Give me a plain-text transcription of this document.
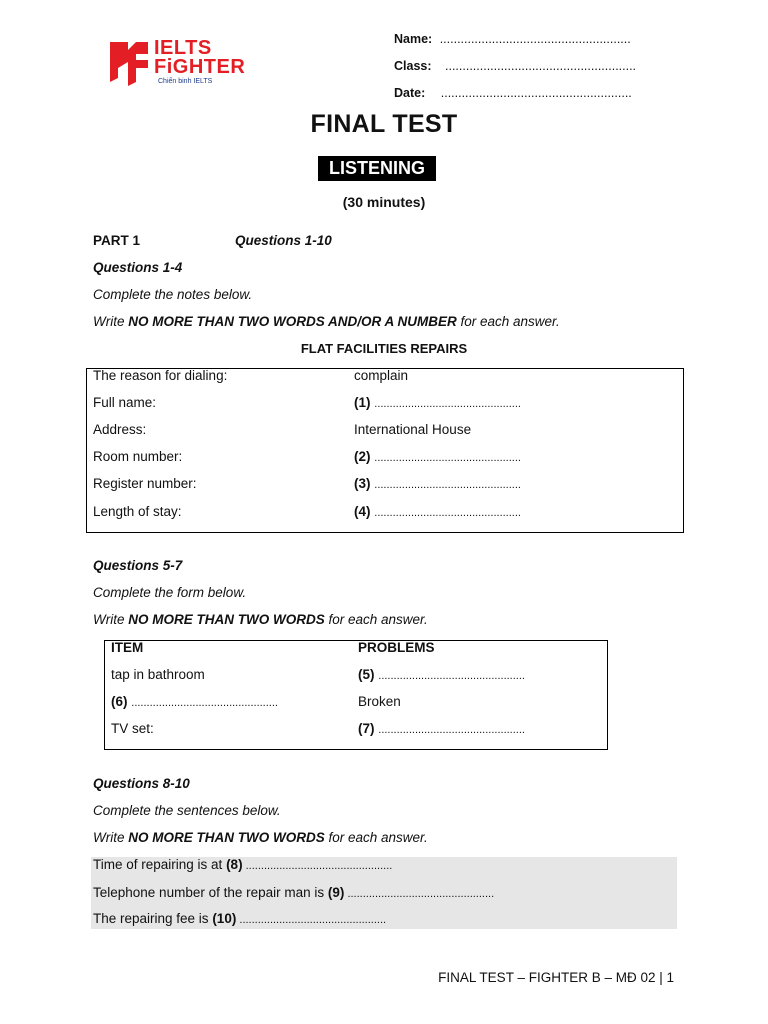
IELTS
FiGHTER
Chiến binh IELTS
Name: .......................................................
Class: .......................................................
Date: .......................................................
FINAL TEST
LISTENING
(30 minutes)
PART 1	Questions 1-10
Questions 1-4
Complete the notes below.
Write NO MORE THAN TWO WORDS AND/OR A NUMBER for each answer.
FLAT FACILITIES REPAIRS
The reason for dialing:	complain
Full name:	(1) ................................................
Address:	International House
Room number:	(2) ................................................
Register number:	(3) ................................................
Length of stay:	(4) ................................................
Questions 5-7
Complete the form below.
Write NO MORE THAN TWO WORDS for each answer.
ITEM	PROBLEMS
tap in bathroom	(5) ................................................
(6) ................................................	Broken
TV set:	(7) ................................................
Questions 8-10
Complete the sentences below.
Write NO MORE THAN TWO WORDS for each answer.
Time of repairing is at (8) ................................................
Telephone number of the repair man is (9) ................................................
The repairing fee is (10) ................................................
FINAL TEST – FIGHTER B – MĐ 02 | 1
